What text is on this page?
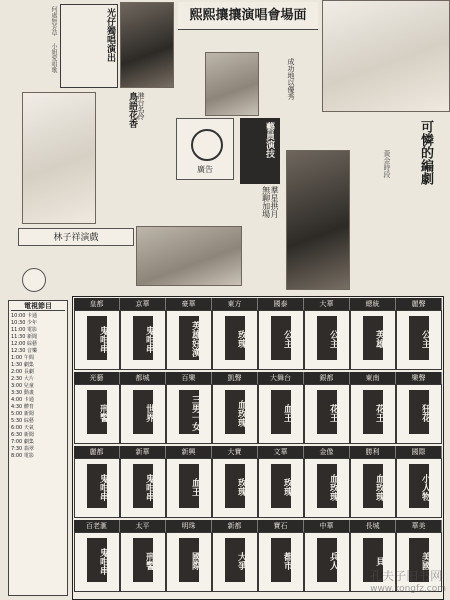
光仔獨唱演出
何處無芳草 小姐愛唱歌
熙熙攘攘演唱會場面
成功地以優秀
鳥語花香 港台名伶
廣告
藝員演技
羣星拱月 無聊加場
可憐的編劇
黃金時段
林子祥演戲
電視節目
10:00 卡通
10:30 少年
11:00 電影
11:30 新聞
12:00 綜藝
12:30 音樂
1:00 午間
1:30 劇集
2:00 長劇
2:30 大片
3:00 兒童
3:30 動畫
4:00 卡通
4:30 體育
5:00 新聞
5:30 綜藝
6:00 天氣
6:30 新聞
7:00 劇集
7:30 翡翠
8:00 電影
皇都
鬼咁串
京華
鬼咁串
豪華
英雄好漢
東方
玫瑰
國泰
公主
大華
公主
總統
英雄
麗聲
公主
光藝
刑警
都城
世界
百樂
三男一女
凱聲
血玫瑰
大舞台
血王
銀都
花王
東南
花王
樂聲
狂花
麗都
鬼咁串
新華
鬼咁串
新興
血王
大寶
玫瑰
文華
玫瑰
金像
血玫瑰
勝利
血玫瑰
國際
小人物
百老滙
鬼咁串
太平
刑警
明珠
國際
新都
大爭
寶石
都市
中華
兵人
長城
貝
華美
美國
孔夫子旧书网
www.kongfz.com
